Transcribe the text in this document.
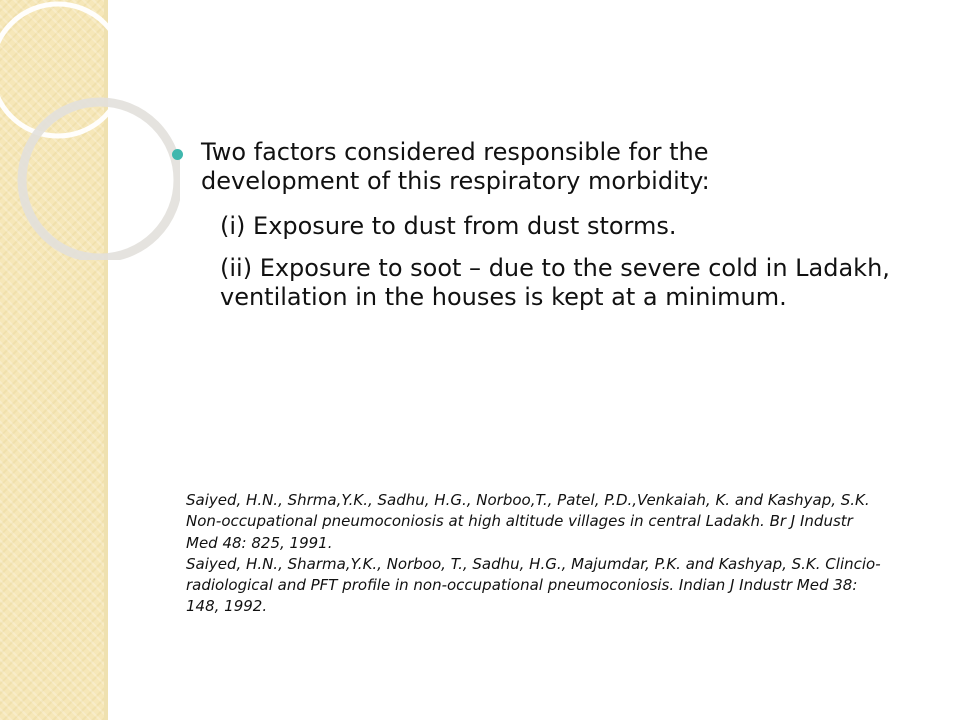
Two factors considered responsible for the
development of this respiratory morbidity:
(i) Exposure to dust from dust storms.
(ii) Exposure to soot – due to the severe cold in Ladakh,
ventilation in the houses is kept at a minimum.
Saiyed, H.N., Shrma,Y.K., Sadhu, H.G., Norboo,T., Patel, P.D.,Venkaiah, K. and Kashyap, S.K.
Non-occupational pneumoconiosis at high altitude villages in central Ladakh. Br J Industr
Med 48: 825, 1991.
Saiyed, H.N., Sharma,Y.K., Norboo, T., Sadhu, H.G., Majumdar, P.K. and Kashyap, S.K. Clincio-
radiological and PFT profile in non-occupational pneumoconiosis. Indian J Industr Med 38:
148, 1992.
